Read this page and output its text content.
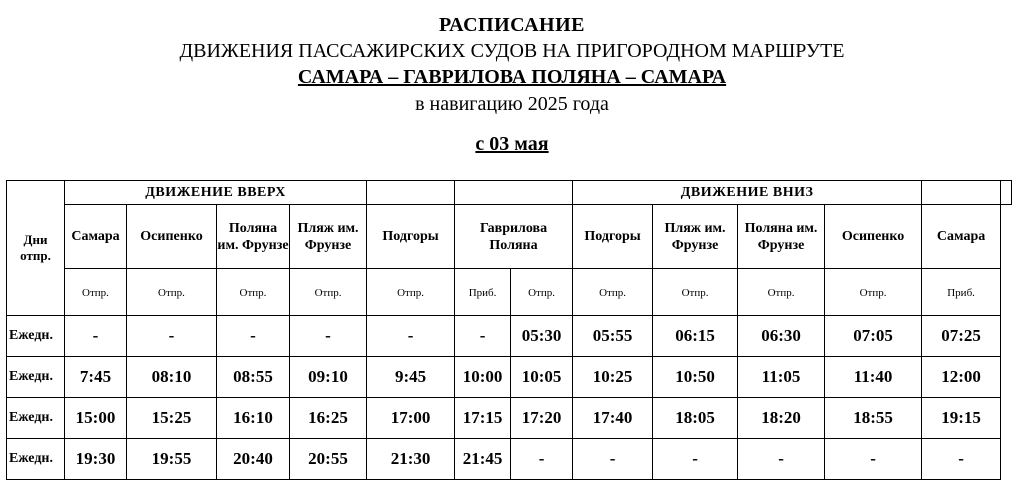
РАСПИСАНИЕ
ДВИЖЕНИЯ ПАССАЖИРСКИХ СУДОВ НА ПРИГОРОДНОМ МАРШРУТЕ
САМАРА – ГАВРИЛОВА ПОЛЯНА – САМАРА
в навигацию 2025 года
с 03 мая
Дни отпр.	ДВИЖЕНИЕ ВВЕРХ							ДВИЖЕНИЕ ВНИЗ					
	Самара	Осипенко	Поляна им. Фрунзе	Пляж им. Фрунзе	Подгоры	Гаврилова Поляна		Подгоры	Пляж им. Фрунзе	Поляна им. Фрунзе	Осипенко	Самара	
	Отпр.	Отпр.	Отпр.	Отпр.	Отпр.	Приб.	Отпр.	Отпр.	Отпр.	Отпр.	Отпр.	Приб.	
Ежедн.	-	-	-	-	-	-	05:30	05:55	06:15	06:30	07:05	07:25	
Ежедн.	7:45	08:10	08:55	09:10	9:45	10:00	10:05	10:25	10:50	11:05	11:40	12:00	
Ежедн.	15:00	15:25	16:10	16:25	17:00	17:15	17:20	17:40	18:05	18:20	18:55	19:15	
Ежедн.	19:30	19:55	20:40	20:55	21:30	21:45	-	-	-	-	-	-	
